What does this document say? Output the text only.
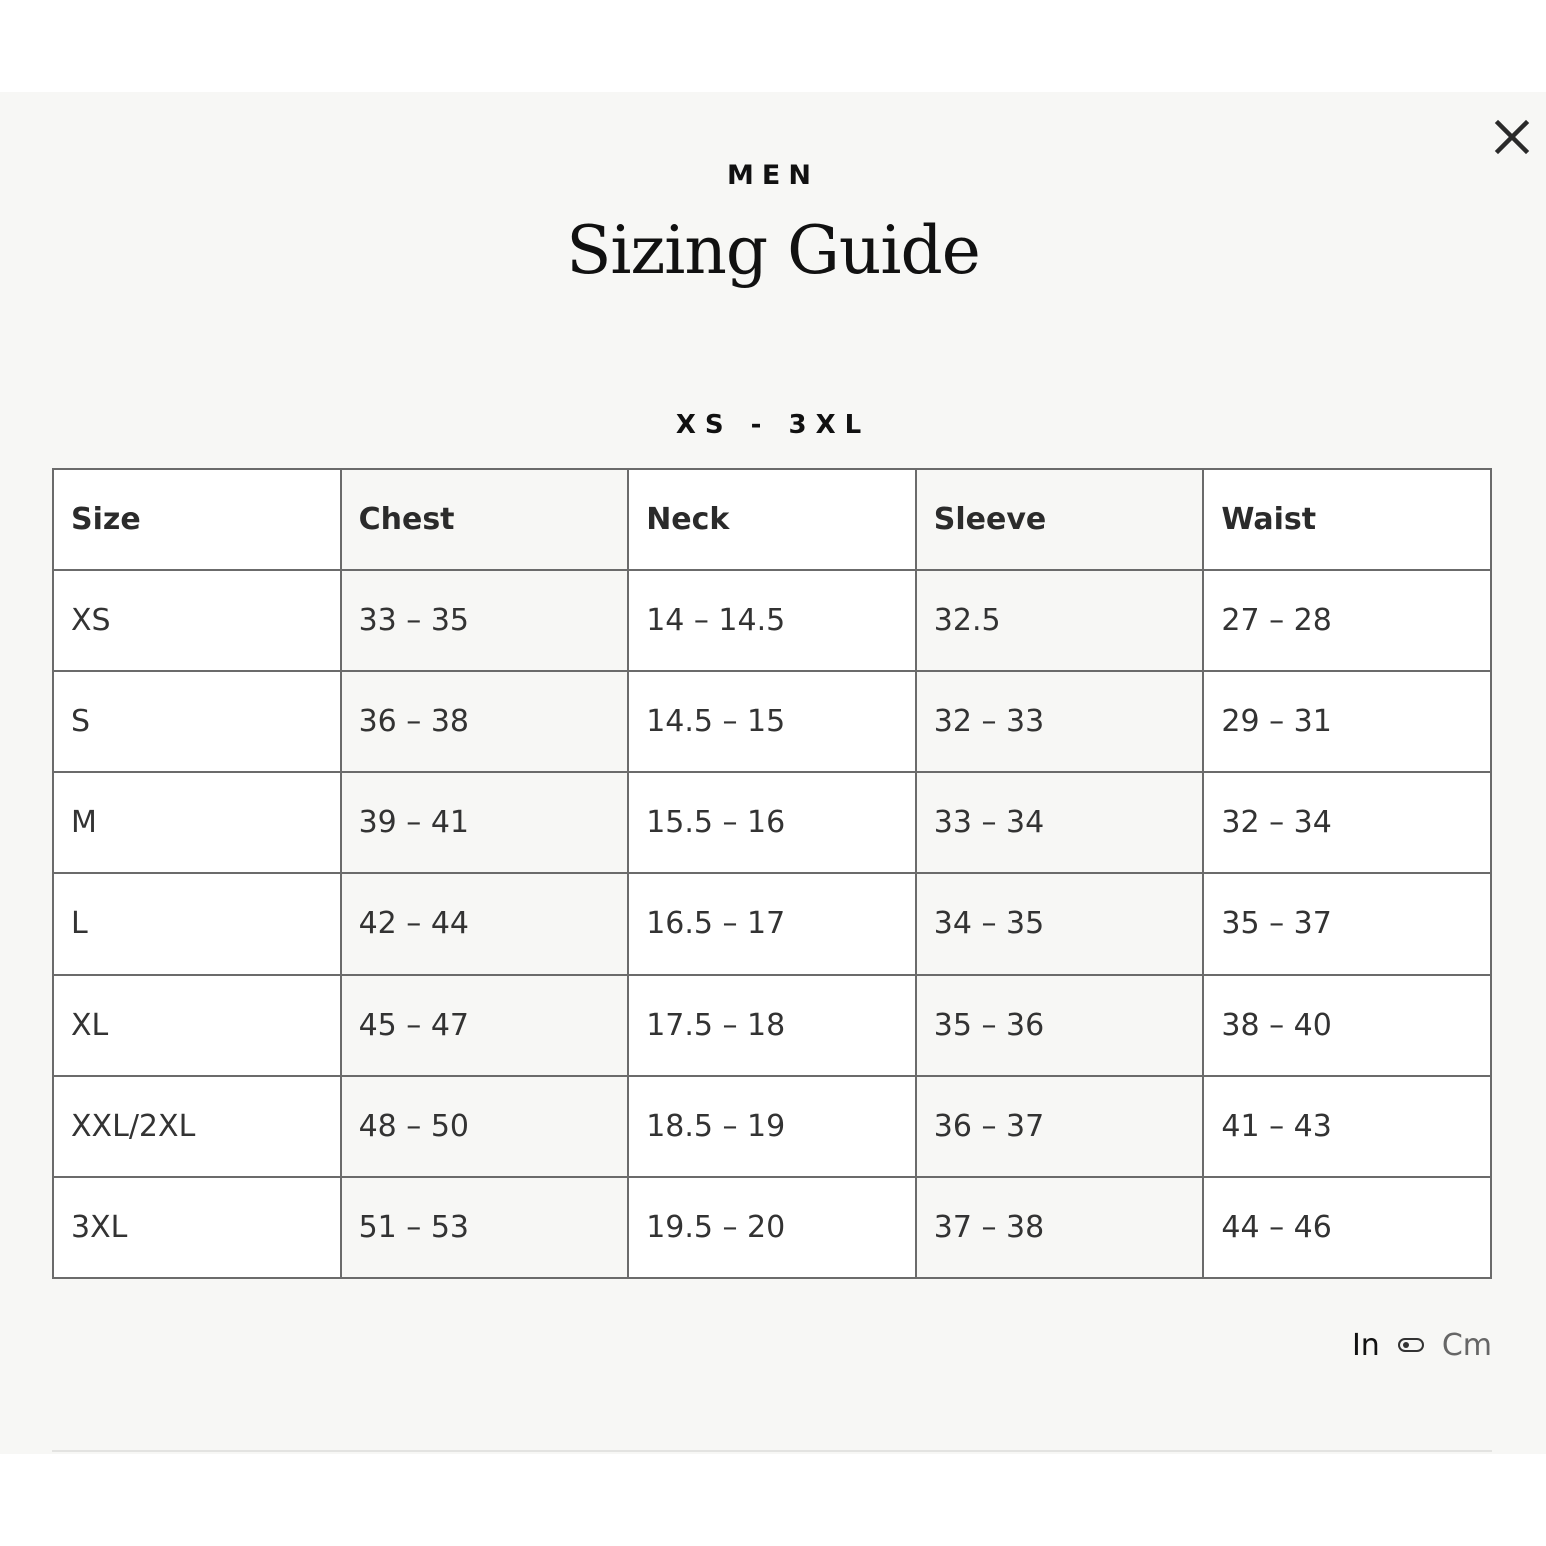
MEN
Sizing Guide
XS - 3XL
Size	Chest	Neck	Sleeve	Waist
XS	33 – 35	14 – 14.5	32.5	27 – 28
S	36 – 38	14.5 – 15	32 – 33	29 – 31
M	39 – 41	15.5 – 16	33 – 34	32 – 34
L	42 – 44	16.5 – 17	34 – 35	35 – 37
XL	45 – 47	17.5 – 18	35 – 36	38 – 40
XXL/2XL	48 – 50	18.5 – 19	36 – 37	41 – 43
3XL	51 – 53	19.5 – 20	37 – 38	44 – 46
In Cm
